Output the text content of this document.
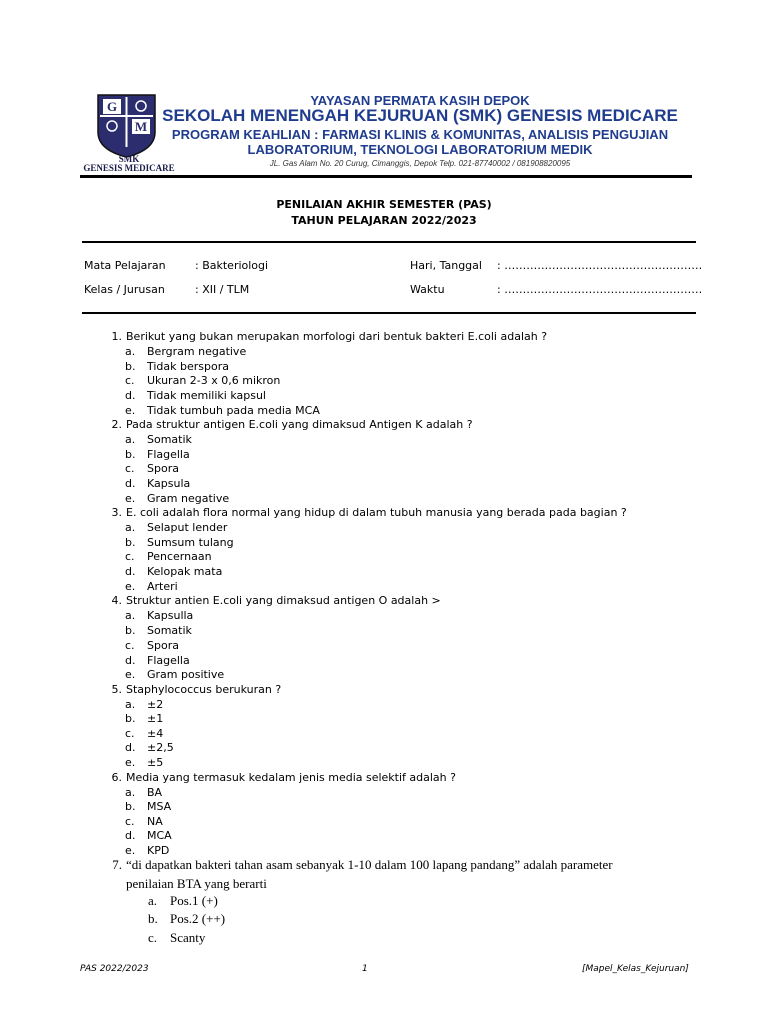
G
M
SMK
GENESIS MEDICARE
YAYASAN PERMATA KASIH DEPOK
SEKOLAH MENENGAH KEJURUAN (SMK) GENESIS MEDICARE
PROGRAM KEAHLIAN : FARMASI KLINIS & KOMUNITAS, ANALISIS PENGUJIAN
LABORATORIUM, TEKNOLOGI LABORATORIUM MEDIK
JL. Gas Alam No. 20 Curug, Cimanggis, Depok Telp. 021-87740002 / 081908820095
PENILAIAN AKHIR SEMESTER (PAS)
TAHUN PELAJARAN 2022/2023
Mata Pelajaran	: Bakteriologi	Hari, Tanggal : ………………………………………………
Kelas / Jurusan	: XII / TLM	Waktu	: ………………………………………………
1. Berikut yang bukan merupakan morfologi dari bentuk bakteri E.coli adalah ?
a. Bergram negative
b. Tidak berspora
c. Ukuran 2-3 x 0,6 mikron
d. Tidak memiliki kapsul
e. Tidak tumbuh pada media MCA
2. Pada struktur antigen E.coli yang dimaksud Antigen K adalah ?
a. Somatik
b. Flagella
c. Spora
d. Kapsula
e. Gram negative
3. E. coli adalah flora normal yang hidup di dalam tubuh manusia yang berada pada bagian ?
a. Selaput lender
b. Sumsum tulang
c. Pencernaan
d. Kelopak mata
e. Arteri
4. Struktur antien E.coli yang dimaksud antigen O adalah >
a. Kapsulla
b. Somatik
c. Spora
d. Flagella
e. Gram positive
5. Staphylococcus berukuran ?
a. ±2
b. ±1
c. ±4
d. ±2,5
e. ±5
6. Media yang termasuk kedalam jenis media selektif adalah ?
a. BA
b. MSA
c. NA
d. MCA
e. KPD
7. “di dapatkan bakteri tahan asam sebanyak 1-10 dalam 100 lapang pandang” adalah parameter
penilaian BTA yang berarti
a. Pos.1 (+)
b. Pos.2 (++)
c. Scanty
PAS 2022/2023	1	[Mapel_Kelas_Kejuruan]
